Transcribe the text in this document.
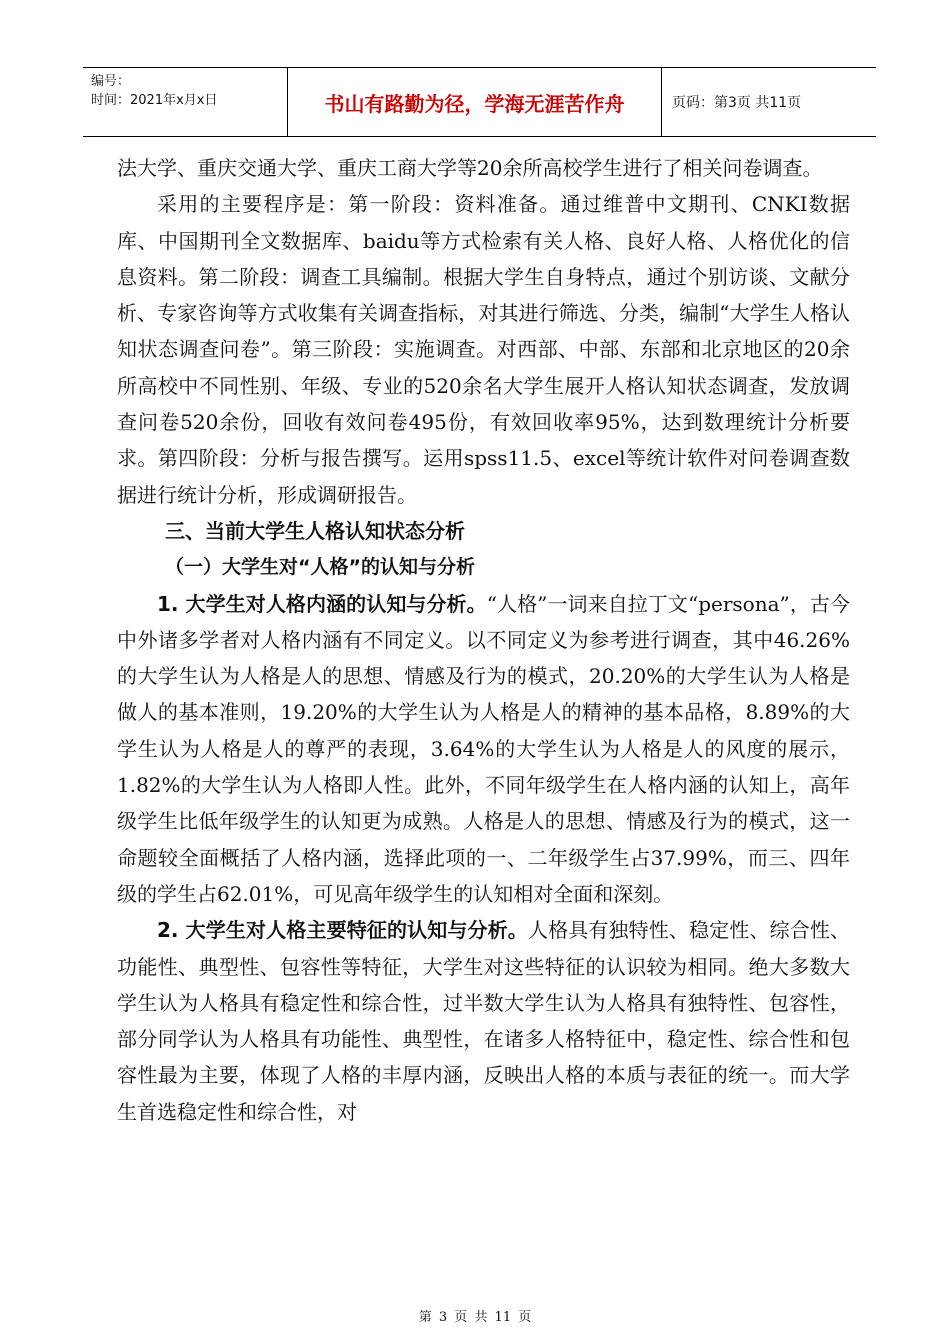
编号：
时间：2021年x月x日	书山有路勤为径，学海无涯苦作舟	页码：第3页 共11页

法大学、重庆交通大学、重庆工商大学等20余所高校学生进行了相关问卷调查。

采用的主要程序是：第一阶段：资料准备。通过维普中文期刊、CNKI数据库、中国期刊全文数据库、baidu等方式检索有关人格、良好人格、人格优化的信息资料。第二阶段：调查工具编制。根据大学生自身特点，通过个别访谈、文献分析、专家咨询等方式收集有关调查指标，对其进行筛选、分类，编制“大学生人格认知状态调查问卷”。第三阶段：实施调查。对西部、中部、东部和北京地区的20余所高校中不同性别、年级、专业的520余名大学生展开人格认知状态调查，发放调查问卷520余份，回收有效问卷495份，有效回收率95%，达到数理统计分析要求。第四阶段：分析与报告撰写。运用spss11.5、excel等统计软件对问卷调查数据进行统计分析，形成调研报告。

三、当前大学生人格认知状态分析

（一）大学生对“人格”的认知与分析

1. 大学生对人格内涵的认知与分析。“人格”一词来自拉丁文“persona”，古今中外诸多学者对人格内涵有不同定义。以不同定义为参考进行调查，其中46.26%的大学生认为人格是人的思想、情感及行为的模式，20.20%的大学生认为人格是做人的基本准则，19.20%的大学生认为人格是人的精神的基本品格，8.89%的大学生认为人格是人的尊严的表现，3.64%的大学生认为人格是人的风度的展示，1.82%的大学生认为人格即人性。此外，不同年级学生在人格内涵的认知上，高年级学生比低年级学生的认知更为成熟。人格是人的思想、情感及行为的模式，这一命题较全面概括了人格内涵，选择此项的一、二年级学生占37.99%，而三、四年级的学生占62.01%，可见高年级学生的认知相对全面和深刻。

2. 大学生对人格主要特征的认知与分析。人格具有独特性、稳定性、综合性、功能性、典型性、包容性等特征，大学生对这些特征的认识较为相同。绝大多数大学生认为人格具有稳定性和综合性，过半数大学生认为人格具有独特性、包容性，部分同学认为人格具有功能性、典型性，在诸多人格特征中，稳定性、综合性和包容性最为主要，体现了人格的丰厚内涵，反映出人格的本质与表征的统一。而大学生首选稳定性和综合性，对

第 3 页 共 11 页
